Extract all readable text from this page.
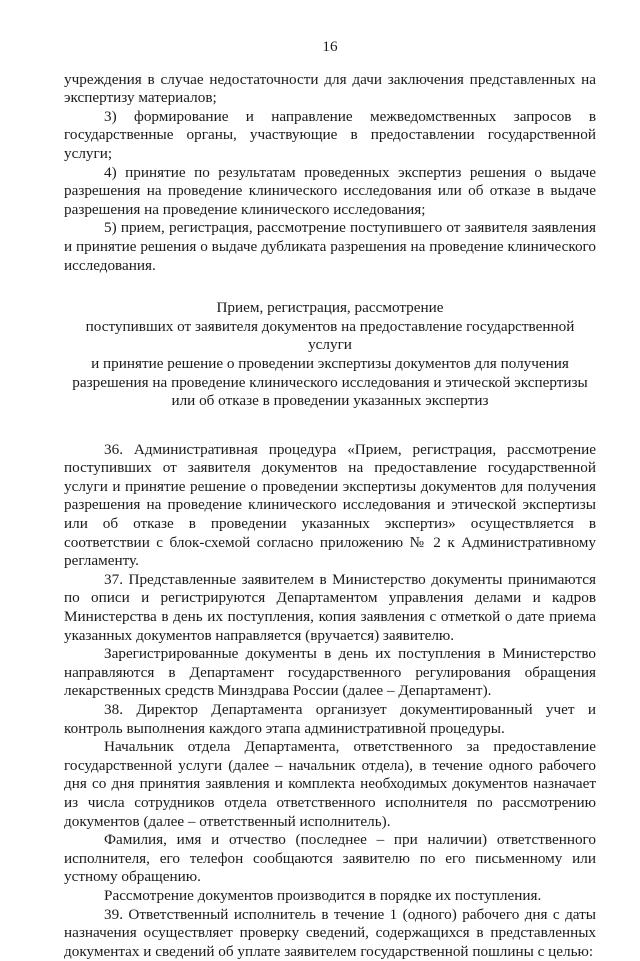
16

учреждения в случае недостаточности для дачи заключения представленных на экспертизу материалов;

3) формирование и направление межведомственных запросов в государственные органы, участвующие в предоставлении государственной услуги;

4) принятие по результатам проведенных экспертиз решения о выдаче разрешения на проведение клинического исследования или об отказе в выдаче разрешения на проведение клинического исследования;

5) прием, регистрация, рассмотрение поступившего от заявителя заявления и принятие решения о выдаче дубликата разрешения на проведение клинического исследования.

Прием, регистрация, рассмотрение
поступивших от заявителя документов на предоставление государственной услуги
и принятие решение о проведении экспертизы документов для получения
разрешения на проведение клинического исследования и этической экспертизы
или об отказе в проведении указанных экспертиз

36. Административная процедура «Прием, регистрация, рассмотрение поступивших от заявителя документов на предоставление государственной услуги и принятие решение о проведении экспертизы документов для получения разрешения на проведение клинического исследования и этической экспертизы или об отказе в проведении указанных экспертиз» осуществляется в соответствии с блок-схемой согласно приложению № 2 к Административному регламенту.

37. Представленные заявителем в Министерство документы принимаются по описи и регистрируются Департаментом управления делами и кадров Министерства в день их поступления, копия заявления с отметкой о дате приема указанных документов направляется (вручается) заявителю.

Зарегистрированные документы в день их поступления в Министерство направляются в Департамент государственного регулирования обращения лекарственных средств Минздрава России (далее – Департамент).

38. Директор Департамента организует документированный учет и контроль выполнения каждого этапа административной процедуры.

Начальник отдела Департамента, ответственного за предоставление государственной услуги (далее – начальник отдела), в течение одного рабочего дня со дня принятия заявления и комплекта необходимых документов назначает из числа сотрудников отдела ответственного исполнителя по рассмотрению документов (далее – ответственный исполнитель).

Фамилия, имя и отчество (последнее – при наличии) ответственного исполнителя, его телефон сообщаются заявителю по его письменному или устному обращению.

Рассмотрение документов производится в порядке их поступления.

39. Ответственный исполнитель в течение 1 (одного) рабочего дня с даты назначения осуществляет проверку сведений, содержащихся в представленных документах и сведений об уплате заявителем государственной пошлины с целью:
